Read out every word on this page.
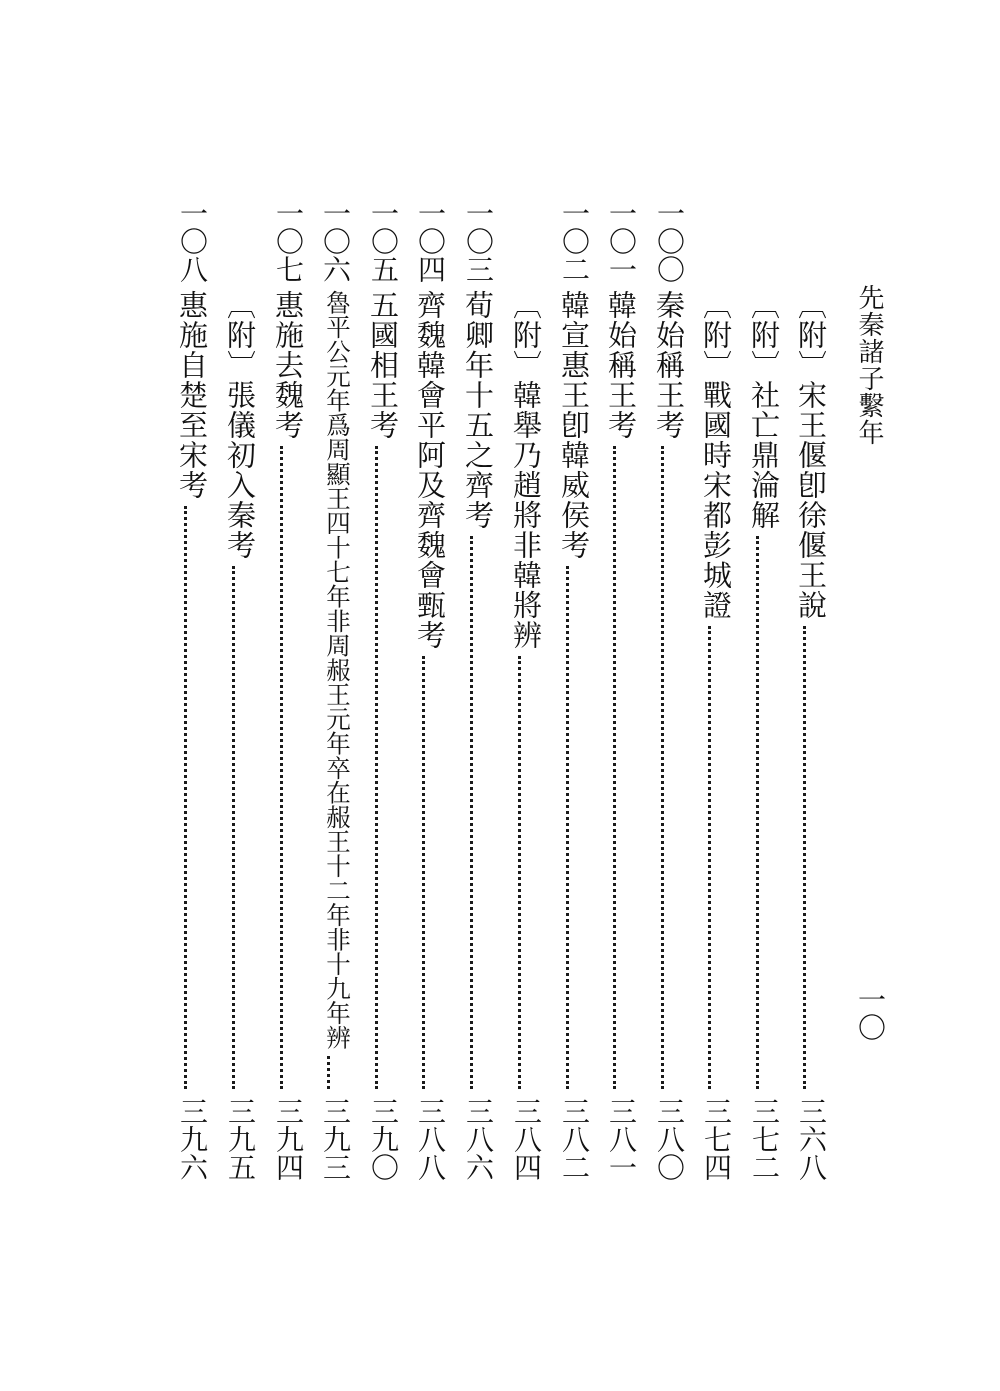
先秦諸子繫年
一〇
〔附〕宋王偃卽徐偃王說
三六八
〔附〕社亡鼎淪解
三七二
〔附〕戰國時宋都彭城證
三七四
一〇〇
秦始稱王考
三八〇
一〇一
韓始稱王考
三八一
一〇二
韓宣惠王卽韓威侯考
三八二
〔附〕韓舉乃趙將非韓將辨
三八四
一〇三
荀卿年十五之齊考
三八六
一〇四
齊魏韓會平阿及齊魏會甄考
三八八
一〇五
五國相王考
三九〇
一〇六
魯平公元年爲周顯王四十七年非周赧王元年卒在赧王十二年非十九年辨
三九三
一〇七
惠施去魏考
三九四
〔附〕張儀初入秦考
三九五
一〇八
惠施自楚至宋考
三九六
